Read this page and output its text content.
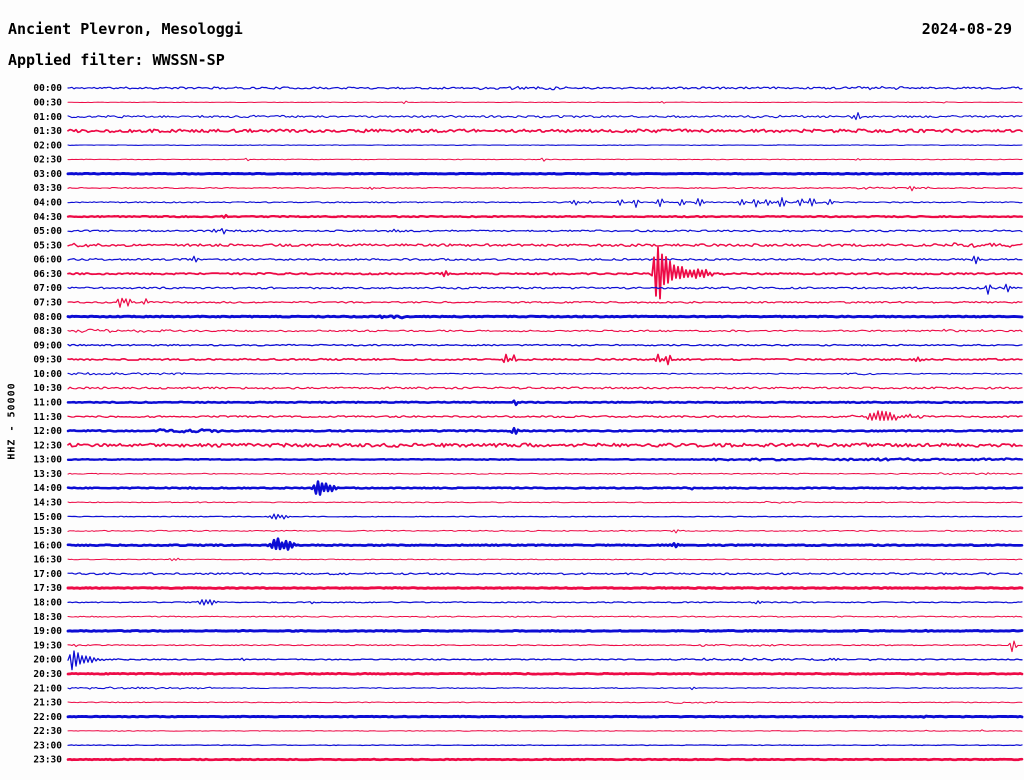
Ancient Plevron, Mesologgi	2024-08-29
Applied filter: WWSSN-SP
HHZ - 50000
00:00
00:30
01:00
01:30
02:00
02:30
03:00
03:30
04:00
04:30
05:00
05:30
06:00
06:30
07:00
07:30
08:00
08:30
09:00
09:30
10:00
10:30
11:00
11:30
12:00
12:30
13:00
13:30
14:00
14:30
15:00
15:30
16:00
16:30
17:00
17:30
18:00
18:30
19:00
19:30
20:00
20:30
21:00
21:30
22:00
22:30
23:00
23:30
